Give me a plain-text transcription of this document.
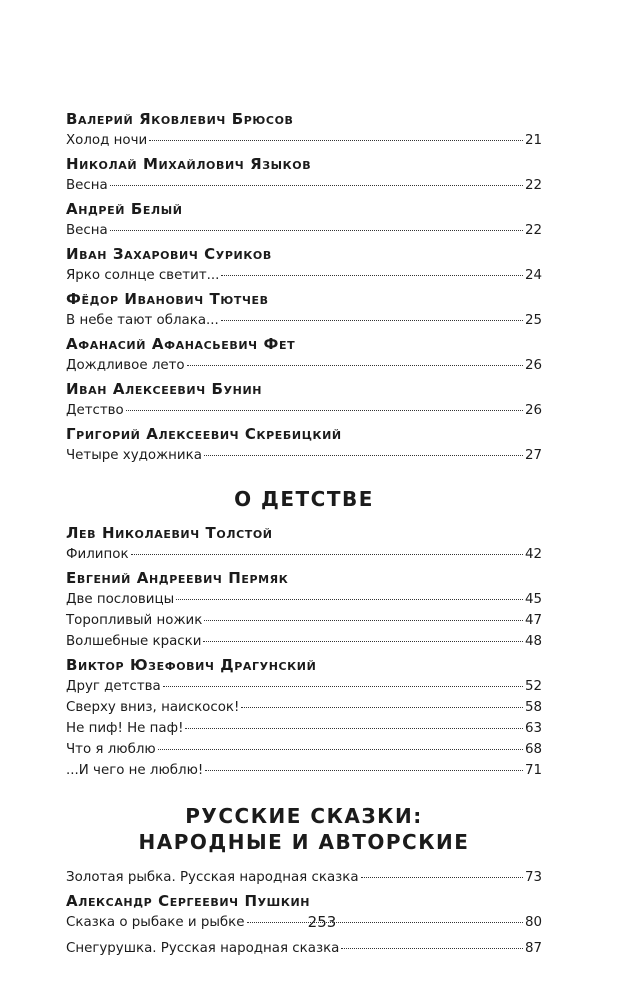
Валерий Яковлевич Брюсов
Холод ночи	21
Николай Михайлович Языков
Весна	22
Андрей Белый
Весна	22
Иван Захарович Суриков
Ярко солнце светит...	24
Фёдор Иванович Тютчев
В небе тают облака...	25
Афанасий Афанасьевич Фет
Дождливое лето	26
Иван Алексеевич Бунин
Детство	26
Григорий Алексеевич Скребицкий
Четыре художника	27
О ДЕТСТВЕ
Лев Николаевич Толстой
Филипок	42
Евгений Андреевич Пермяк
Две пословицы	45
Торопливый ножик	47
Волшебные краски	48
Виктор Юзефович Драгунский
Друг детства	52
Сверху вниз, наискосок!	58
Не пиф! Не паф!	63
Что я люблю	68
...И чего не люблю!	71
РУССКИЕ СКАЗКИ:
НАРОДНЫЕ И АВТОРСКИЕ
Золотая рыбка. Русская народная сказка	73
Александр Сергеевич Пушкин
Сказка о рыбаке и рыбке	80
Снегурушка. Русская народная сказка	87
253
